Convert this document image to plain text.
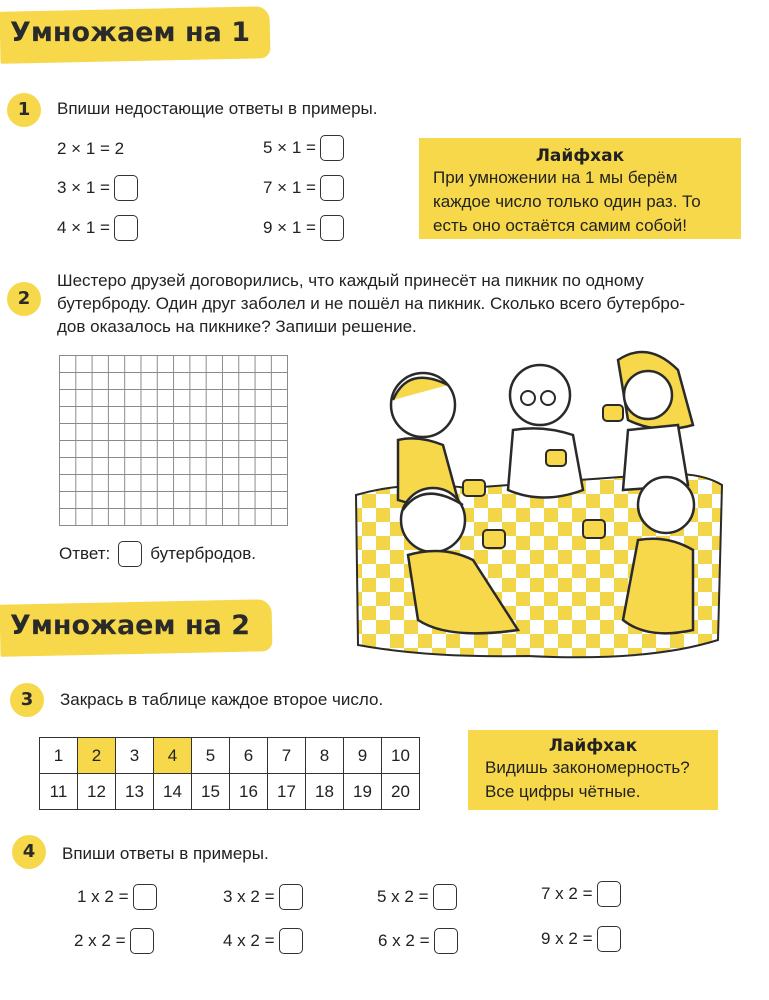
Умножаем на 1
1	Впиши недостающие ответы в примеры.
2 × 1 = 2
3 × 1 =
4 × 1 =
5 × 1 =
7 × 1 =
9 × 1 =
Лайфхак
При умножении на 1 мы берём
каждое число только один раз. То
есть оно остаётся самим собой!
2
Шестеро друзей договорились, что каждый принесёт на пикник по одному
бутерброду. Один друг заболел и не пошёл на пикник. Сколько всего бутербро-
дов оказалось на пикнике? Запиши решение.
Ответ: бутербродов.
Умножаем на 2
3	Закрась в таблице каждое второе число.
1	2	3	4	5	6	7	8	9	10
11	12	13	14	15	16	17	18	19	20
Лайфхак
Видишь закономерность?
Все цифры чётные.
4	Впиши ответы в примеры.
1 x 2 =	3 x 2 =	5 x 2 =	7 x 2 =
2 x 2 =	4 x 2 =	6 x 2 =	9 x 2 =
